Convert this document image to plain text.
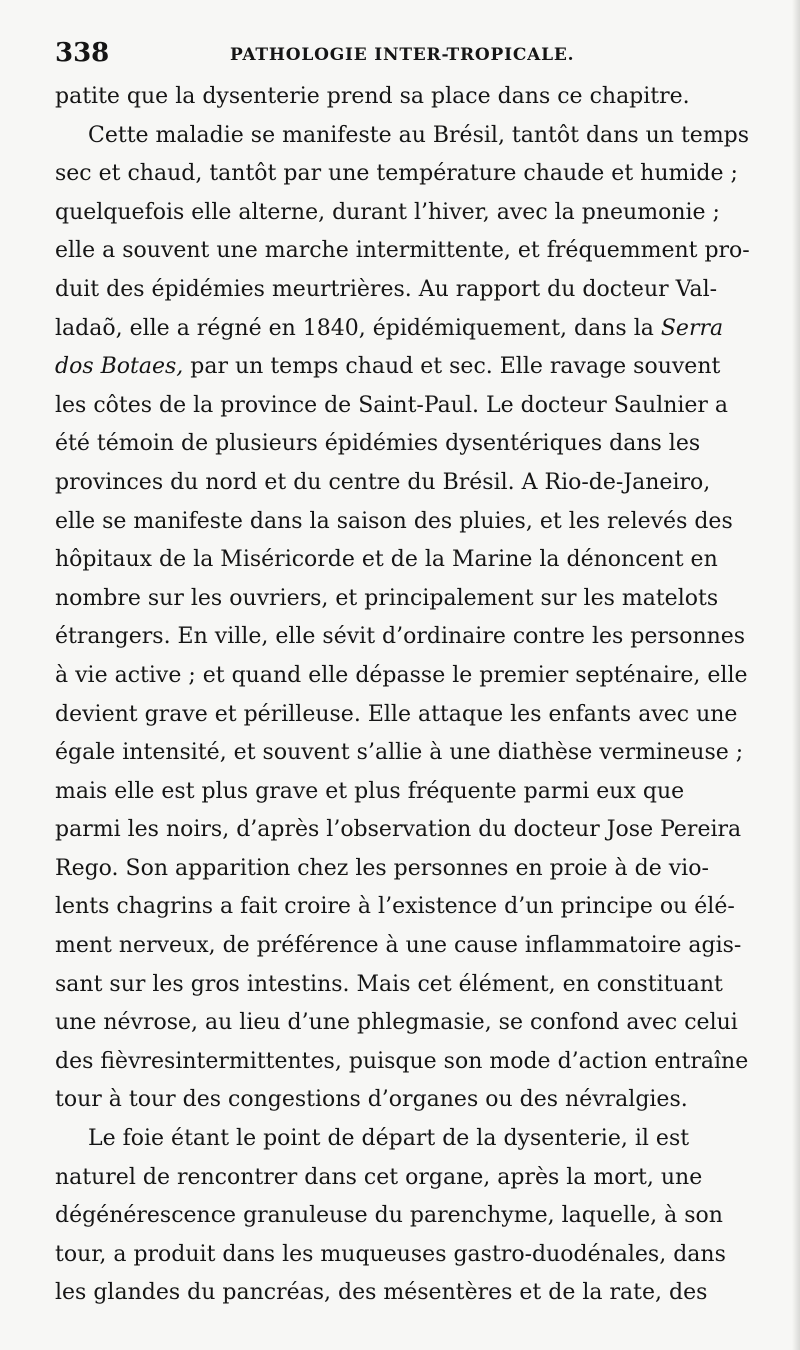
338	PATHOLOGIE INTER-TROPICALE.
patite que la dysenterie prend sa place dans ce chapitre.
Cette maladie se manifeste au Brésil, tantôt dans un temps
sec et chaud, tantôt par une température chaude et humide ;
quelquefois elle alterne, durant l’hiver, avec la pneumonie ;
elle a souvent une marche intermittente, et fréquemment pro-
duit des épidémies meurtrières. Au rapport du docteur Val-
ladaõ, elle a régné en 1840, épidémiquement, dans la Serra
dos Botaes, par un temps chaud et sec. Elle ravage souvent
les côtes de la province de Saint-Paul. Le docteur Saulnier a
été témoin de plusieurs épidémies dysentériques dans les
provinces du nord et du centre du Brésil. A Rio-de-Janeiro,
elle se manifeste dans la saison des pluies, et les relevés des
hôpitaux de la Miséricorde et de la Marine la dénoncent en
nombre sur les ouvriers, et principalement sur les matelots
étrangers. En ville, elle sévit d’ordinaire contre les personnes
à vie active ; et quand elle dépasse le premier septénaire, elle
devient grave et périlleuse. Elle attaque les enfants avec une
égale intensité, et souvent s’allie à une diathèse vermineuse ;
mais elle est plus grave et plus fréquente parmi eux que
parmi les noirs, d’après l’observation du docteur Jose Pereira
Rego. Son apparition chez les personnes en proie à de vio-
lents chagrins a fait croire à l’existence d’un principe ou élé-
ment nerveux, de préférence à une cause inflammatoire agis-
sant sur les gros intestins. Mais cet élément, en constituant
une névrose, au lieu d’une phlegmasie, se confond avec celui
des fièvresintermittentes, puisque son mode d’action entraîne
tour à tour des congestions d’organes ou des névralgies.
Le foie étant le point de départ de la dysenterie, il est
naturel de rencontrer dans cet organe, après la mort, une
dégénérescence granuleuse du parenchyme, laquelle, à son
tour, a produit dans les muqueuses gastro-duodénales, dans
les glandes du pancréas, des mésentères et de la rate, des
